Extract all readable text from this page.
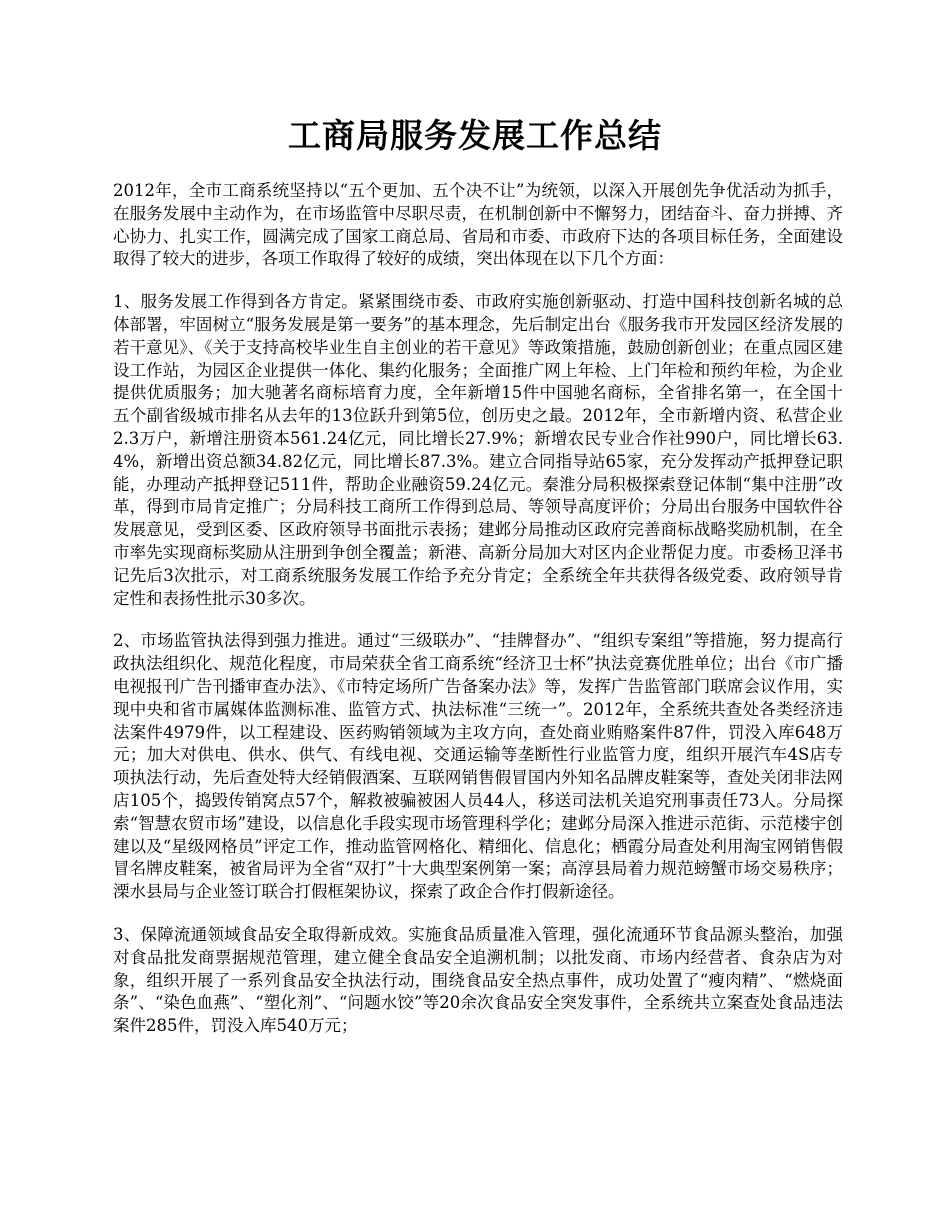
工商局服务发展工作总结

2012年，全市工商系统坚持以“五个更加、五个决不让”为统领，以深入开展创先争优活动为抓手，在服务发展中主动作为，在市场监管中尽职尽责，在机制创新中不懈努力，团结奋斗、奋力拼搏、齐心协力、扎实工作，圆满完成了国家工商总局、省局和市委、市政府下达的各项目标任务，全面建设取得了较大的进步，各项工作取得了较好的成绩，突出体现在以下几个方面：

1、服务发展工作得到各方肯定。紧紧围绕市委、市政府实施创新驱动、打造中国科技创新名城的总体部署，牢固树立“服务发展是第一要务”的基本理念，先后制定出台《服务我市开发园区经济发展的若干意见》、《关于支持高校毕业生自主创业的若干意见》等政策措施，鼓励创新创业；在重点园区建设工作站，为园区企业提供一体化、集约化服务；全面推广网上年检、上门年检和预约年检，为企业提供优质服务；加大驰著名商标培育力度，全年新增15件中国驰名商标，全省排名第一，在全国十五个副省级城市排名从去年的13位跃升到第5位，创历史之最。2012年，全市新增内资、私营企业2.3万户，新增注册资本561.24亿元，同比增长27.9%；新增农民专业合作社990户，同比增长63.4%，新增出资总额34.82亿元，同比增长87.3%。建立合同指导站65家，充分发挥动产抵押登记职能，办理动产抵押登记511件，帮助企业融资59.24亿元。秦淮分局积极探索登记体制“集中注册”改革，得到市局肯定推广；分局科技工商所工作得到总局、等领导高度评价；分局出台服务中国软件谷发展意见，受到区委、区政府领导书面批示表扬；建邺分局推动区政府完善商标战略奖励机制，在全市率先实现商标奖励从注册到争创全覆盖；新港、高新分局加大对区内企业帮促力度。市委杨卫泽书记先后3次批示，对工商系统服务发展工作给予充分肯定；全系统全年共获得各级党委、政府领导肯定性和表扬性批示30多次。

2、市场监管执法得到强力推进。通过“三级联办”、“挂牌督办”、“组织专案组”等措施，努力提高行政执法组织化、规范化程度，市局荣获全省工商系统“经济卫士杯”执法竞赛优胜单位；出台《市广播电视报刊广告刊播审查办法》、《市特定场所广告备案办法》等，发挥广告监管部门联席会议作用，实现中央和省市属媒体监测标准、监管方式、执法标准“三统一”。2012年，全系统共查处各类经济违法案件4979件，以工程建设、医药购销领域为主攻方向，查处商业贿赂案件87件，罚没入库648万元；加大对供电、供水、供气、有线电视、交通运输等垄断性行业监管力度，组织开展汽车4S店专项执法行动，先后查处特大经销假酒案、互联网销售假冒国内外知名品牌皮鞋案等，查处关闭非法网店105个，捣毁传销窝点57个，解救被骗被困人员44人，移送司法机关追究刑事责任73人。分局探索“智慧农贸市场”建设，以信息化手段实现市场管理科学化；建邺分局深入推进示范街、示范楼宇创建以及“星级网格员”评定工作，推动监管网格化、精细化、信息化；栖霞分局查处利用淘宝网销售假冒名牌皮鞋案，被省局评为全省“双打”十大典型案例第一案；高淳县局着力规范螃蟹市场交易秩序；溧水县局与企业签订联合打假框架协议，探索了政企合作打假新途径。

3、保障流通领域食品安全取得新成效。实施食品质量准入管理，强化流通环节食品源头整治，加强对食品批发商票据规范管理，建立健全食品安全追溯机制；以批发商、市场内经营者、食杂店为对象，组织开展了一系列食品安全执法行动，围绕食品安全热点事件，成功处置了“瘦肉精”、“燃烧面条”、“染色血燕”、“塑化剂”、“问题水饺”等20余次食品安全突发事件，全系统共立案查处食品违法案件285件，罚没入库540万元；
